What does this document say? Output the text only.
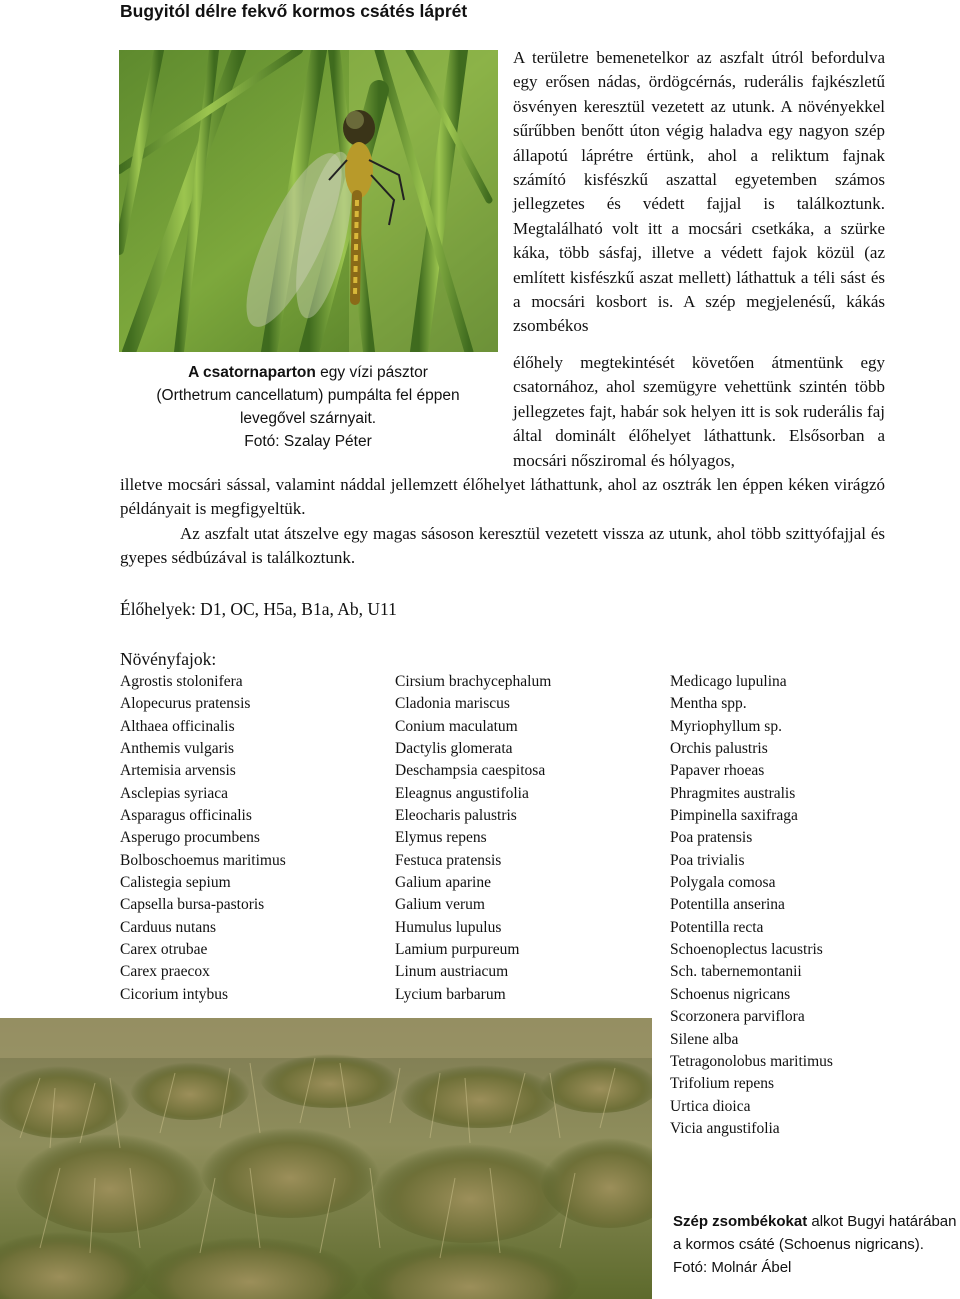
Bugyitól délre fekvő kormos csátés láprét
A csatornaparton egy vízi pásztor
(Orthetrum cancellatum) pumpálta fel éppen
levegővel szárnyait.
Fotó: Szalay Péter
A területre bemenetelkor az aszfalt útról befordulva egy erősen nádas, ördögcérnás, ruderális fajkészletű ösvényen keresztül vezetett az utunk. A növényekkel sűrűbben benőtt úton végig haladva egy nagyon szép állapotú láprétre értünk, ahol a reliktum fajnak számító kisfészkű aszattal egyetemben számos jellegzetes és védett fajjal is találkoztunk. Megtalálható volt itt a mocsári csetkáka, a szürke káka, több sásfaj, illetve a védett fajok közül (az említett kisfészkű aszat mellett) láthattuk a téli sást és a mocsári kosbort is. A szép megjelenésű, kákás zsombékos
élőhely megtekintését követően átmentünk egy csatornához, ahol szemügyre vehettünk szintén több jellegzetes fajt, habár sok helyen itt is sok ruderális faj által dominált élőhelyet láthattunk. Elsősorban a mocsári nősziromal és hólyagos,
illetve mocsári sással, valamint náddal jellemzett élőhelyet láthattunk, ahol az osztrák len éppen kéken virágzó példányait is megfigyeltük.
Az aszfalt utat átszelve egy magas sásoson keresztül vezetett vissza az utunk, ahol több szittyófajjal és gyepes sédbúzával is találkoztunk.
Élőhelyek: D1, OC, H5a, B1a, Ab, U11
Növényfajok:
Agrostis stolonifera
Alopecurus pratensis
Althaea officinalis
Anthemis vulgaris
Artemisia arvensis
Asclepias syriaca
Asparagus officinalis
Asperugo procumbens
Bolboschoemus maritimus
Calistegia sepium
Capsella bursa-pastoris
Carduus nutans
Carex otrubae
Carex praecox
Cicorium intybus
Cirsium brachycephalum
Cladonia mariscus
Conium maculatum
Dactylis glomerata
Deschampsia caespitosa
Eleagnus angustifolia
Eleocharis palustris
Elymus repens
Festuca pratensis
Galium aparine
Galium verum
Humulus lupulus
Lamium purpureum
Linum austriacum
Lycium barbarum
Medicago lupulina
Mentha spp.
Myriophyllum sp.
Orchis palustris
Papaver rhoeas
Phragmites australis
Pimpinella saxifraga
Poa pratensis
Poa trivialis
Polygala comosa
Potentilla anserina
Potentilla recta
Schoenoplectus lacustris
Sch. tabernemontanii
Schoenus nigricans
Scorzonera parviflora
Silene alba
Tetragonolobus maritimus
Trifolium repens
Urtica dioica
Vicia angustifolia
Szép zsombékokat alkot Bugyi határában
a kormos csáté (Schoenus nigricans).
Fotó: Molnár Ábel
